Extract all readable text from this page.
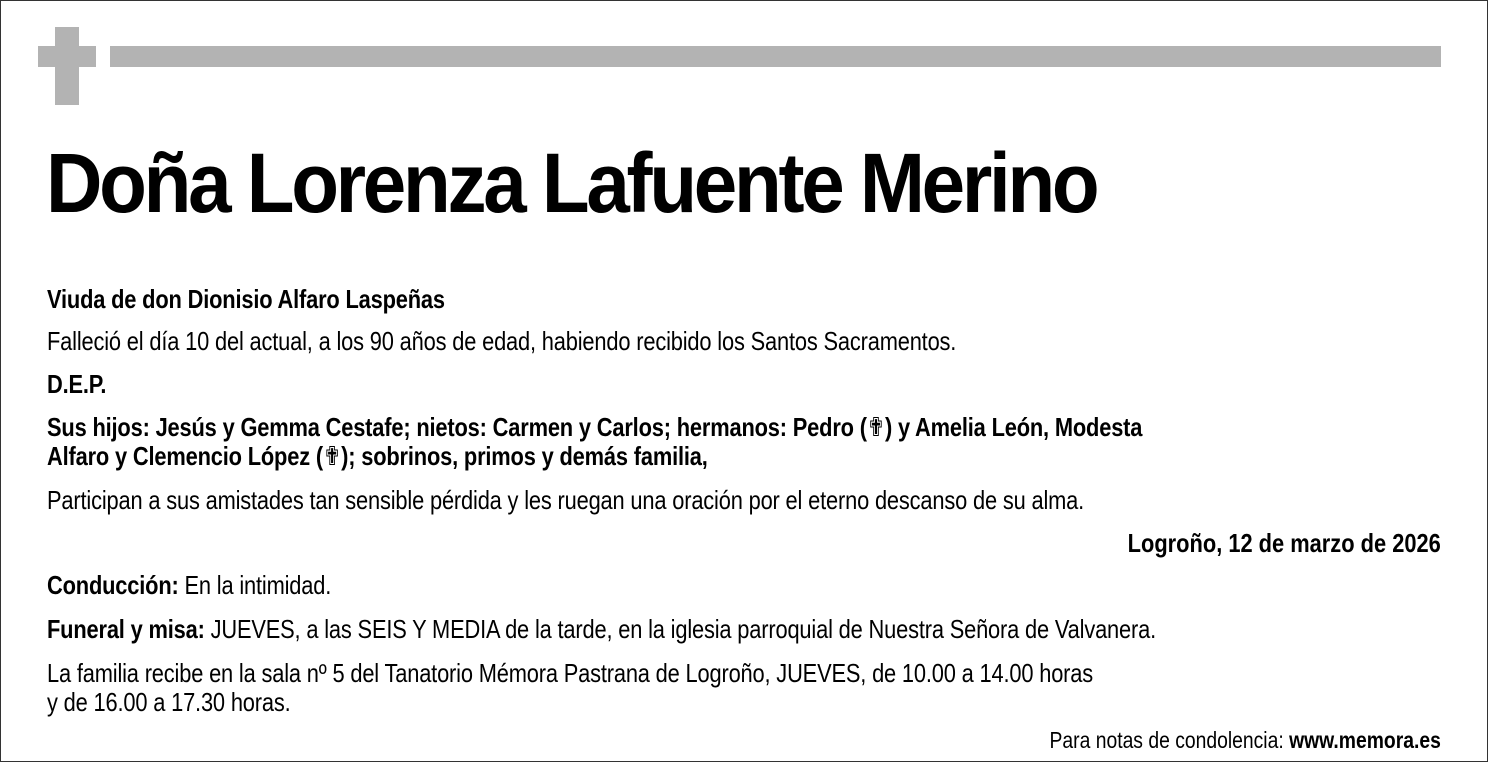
Doña Lorenza Lafuente Merino
Viuda de don Dionisio Alfaro Laspeñas
Falleció el día 10 del actual, a los 90 años de edad, habiendo recibido los Santos Sacramentos.
D.E.P.
Sus hijos: Jesús y Gemma Cestafe; nietos: Carmen y Carlos; hermanos: Pedro (✟) y Amelia León, Modesta
Alfaro y Clemencio López (✟); sobrinos, primos y demás familia,
Participan a sus amistades tan sensible pérdida y les ruegan una oración por el eterno descanso de su alma.
Logroño, 12 de marzo de 2026
Conducción: En la intimidad.
Funeral y misa: JUEVES, a las SEIS Y MEDIA de la tarde, en la iglesia parroquial de Nuestra Señora de Valvanera.
La familia recibe en la sala nº 5 del Tanatorio Mémora Pastrana de Logroño, JUEVES, de 10.00 a 14.00 horas
y de 16.00 a 17.30 horas.
Para notas de condolencia: www.memora.es
